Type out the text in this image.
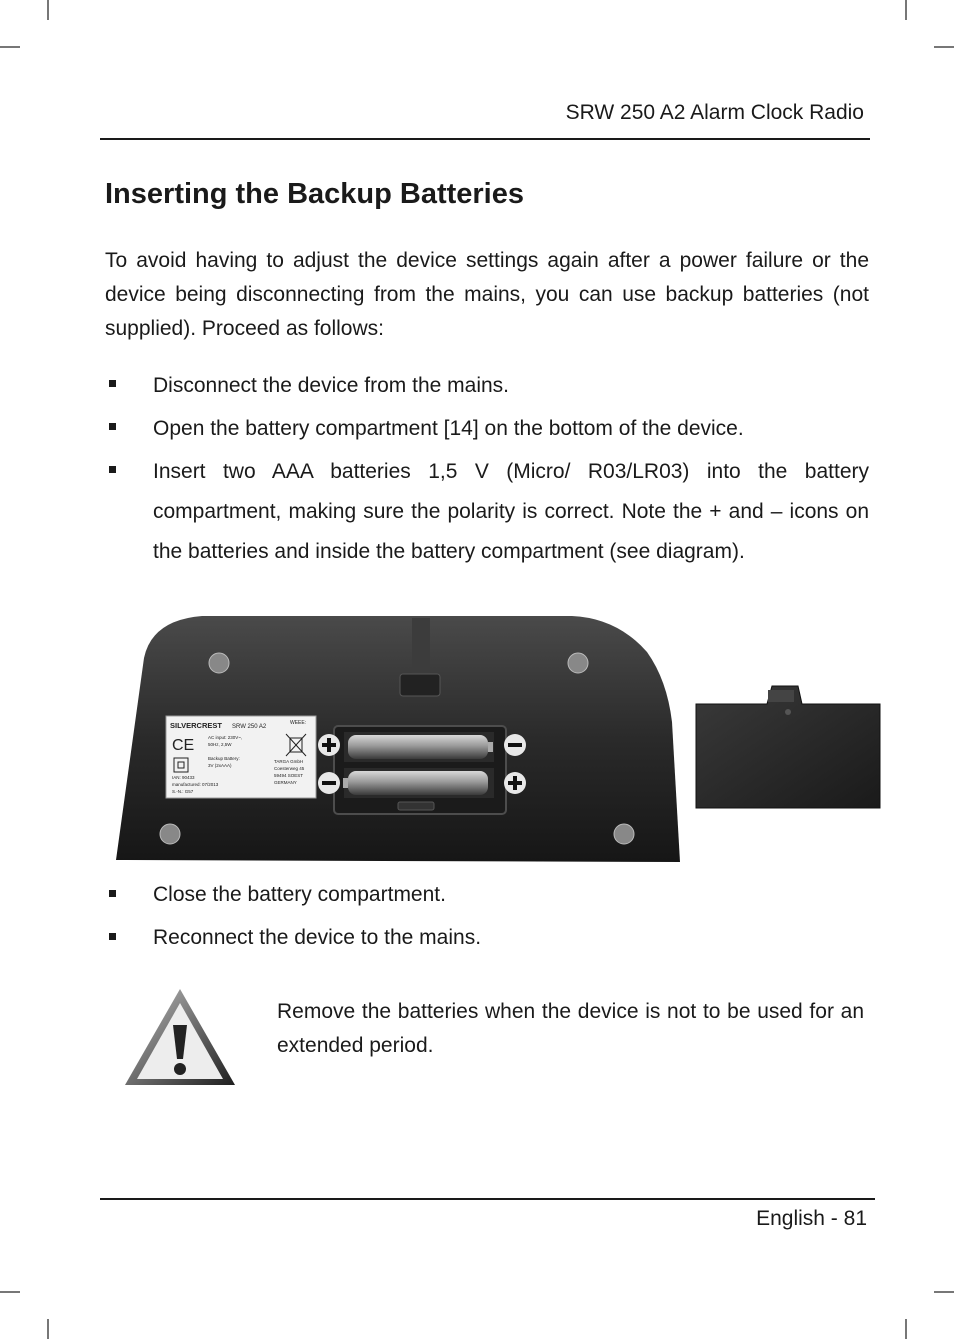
SRW 250 A2 Alarm Clock Radio
Inserting the Backup Batteries

To avoid having to adjust the device settings again after a power failure or the device being disconnecting from the mains, you can use backup batteries (not supplied). Proceed as follows:

Disconnect the device from the mains.
Open the battery compartment [14] on the bottom of the device.
Insert two AAA batteries 1,5 V (Micro/ R03/LR03) into the battery compartment, making sure the polarity is correct. Note the + and – icons on the batteries and inside the battery compartment (see diagram).
SILVERCREST SRW 250 A2
WEEE:
CE	AC input: 230V~,
50Hz, 2,5W
Backup Battery:
3V (2xAAA)
TARGA GmbH
Coesterweg 45
59494 SOEST
GERMANY
IAN: 90433
manufactured: 07/2013
S.-N.: G57
Close the battery compartment.
Reconnect the device to the mains.

Remove the batteries when the device is not to be used for an extended period.

English - 81
